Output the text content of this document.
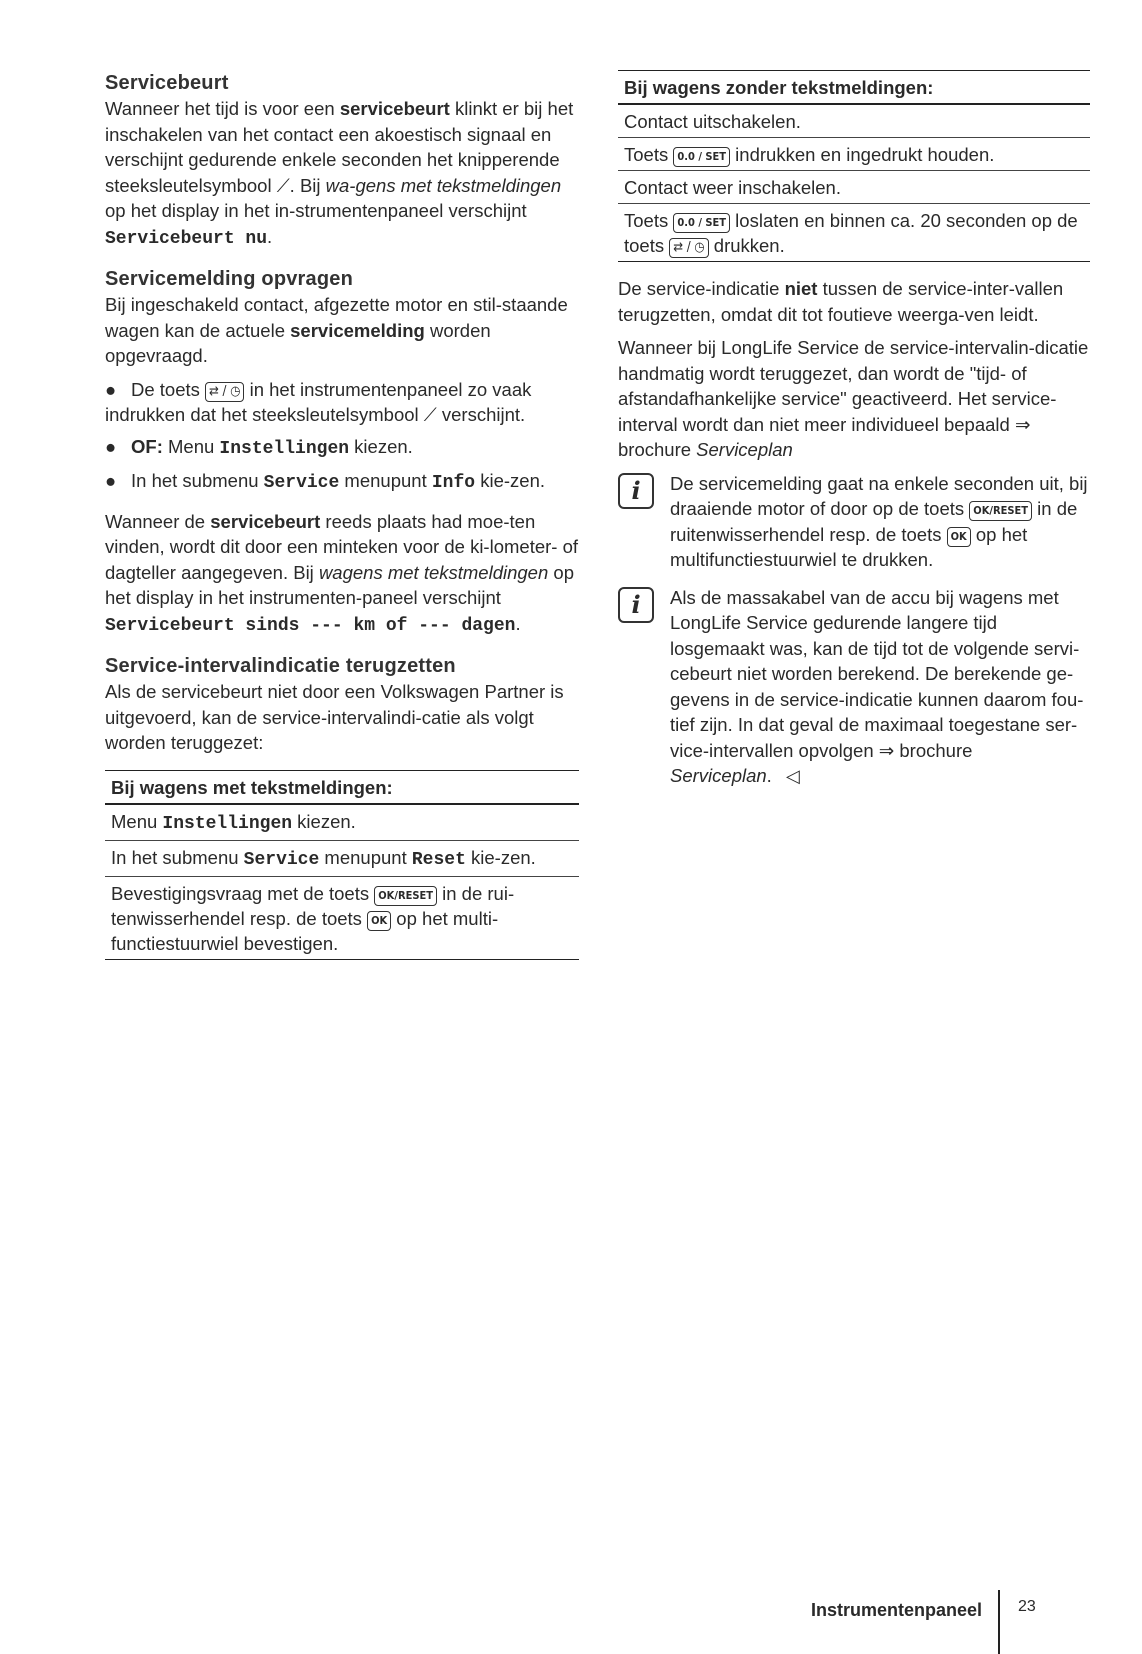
Servicebeurt

Wanneer het tijd is voor een servicebeurt klinkt er bij het inschakelen van het contact een akoestisch signaal en verschijnt gedurende enkele seconden het knipperende steeksleutelsymbool ⟋. Bij wa-gens met tekstmeldingen op het display in het in-strumentenpaneel verschijnt Servicebeurt nu.

Servicemelding opvragen

Bij ingeschakeld contact, afgezette motor en stil-staande wagen kan de actuele servicemelding worden opgevraagd.

● De toets ⇄ / ◷ in het instrumentenpaneel zo vaak indrukken dat het steeksleutelsymbool ⟋ verschijnt.
● OF: Menu Instellingen kiezen.
● In het submenu Service menupunt Info kie-zen.

Wanneer de servicebeurt reeds plaats had moe-ten vinden, wordt dit door een minteken voor de ki-lometer- of dagteller aangegeven. Bij wagens met tekstmeldingen op het display in het instrumenten-paneel verschijnt Servicebeurt sinds --- km of --- dagen.

Service-intervalindicatie terugzetten

Als de servicebeurt niet door een Volkswagen Partner is uitgevoerd, kan de service-intervalindi-catie als volgt worden teruggezet:

Bij wagens met tekstmeldingen:
Menu Instellingen kiezen.
In het submenu Service menupunt Reset kie-zen.
Bevestigingsvraag met de toets OK/RESET in de rui-tenwisserhendel resp. de toets OK op het multi-functiestuurwiel bevestigen.
Bij wagens zonder tekstmeldingen:
Contact uitschakelen.
Toets 0.0 / SET indrukken en ingedrukt houden.
Contact weer inschakelen.
Toets 0.0 / SET loslaten en binnen ca. 20 seconden op de toets ⇄ / ◷ drukken.

De service-indicatie niet tussen de service-inter-vallen terugzetten, omdat dit tot foutieve weerga-ven leidt.

Wanneer bij LongLife Service de service-intervalin-dicatie handmatig wordt teruggezet, dan wordt de "tijd- of afstandafhankelijke service" geactiveerd. Het service-interval wordt dan niet meer individueel bepaald ⇒ brochure Serviceplan

i	De servicemelding gaat na enkele seconden uit, bij draaiende motor of door op de toets OK/RESET in de ruitenwisserhendel resp. de toets OK op het multifunctiestuurwiel te drukken.

i	Als de massakabel van de accu bij wagens met LongLife Service gedurende langere tijd losgemaakt was, kan de tijd tot de volgende servi-cebeurt niet worden berekend. De berekende ge-gevens in de service-indicatie kunnen daarom fou-tief zijn. In dat geval de maximaal toegestane ser-vice-intervallen opvolgen ⇒ brochure Serviceplan. ◁

Instrumentenpaneel 23
